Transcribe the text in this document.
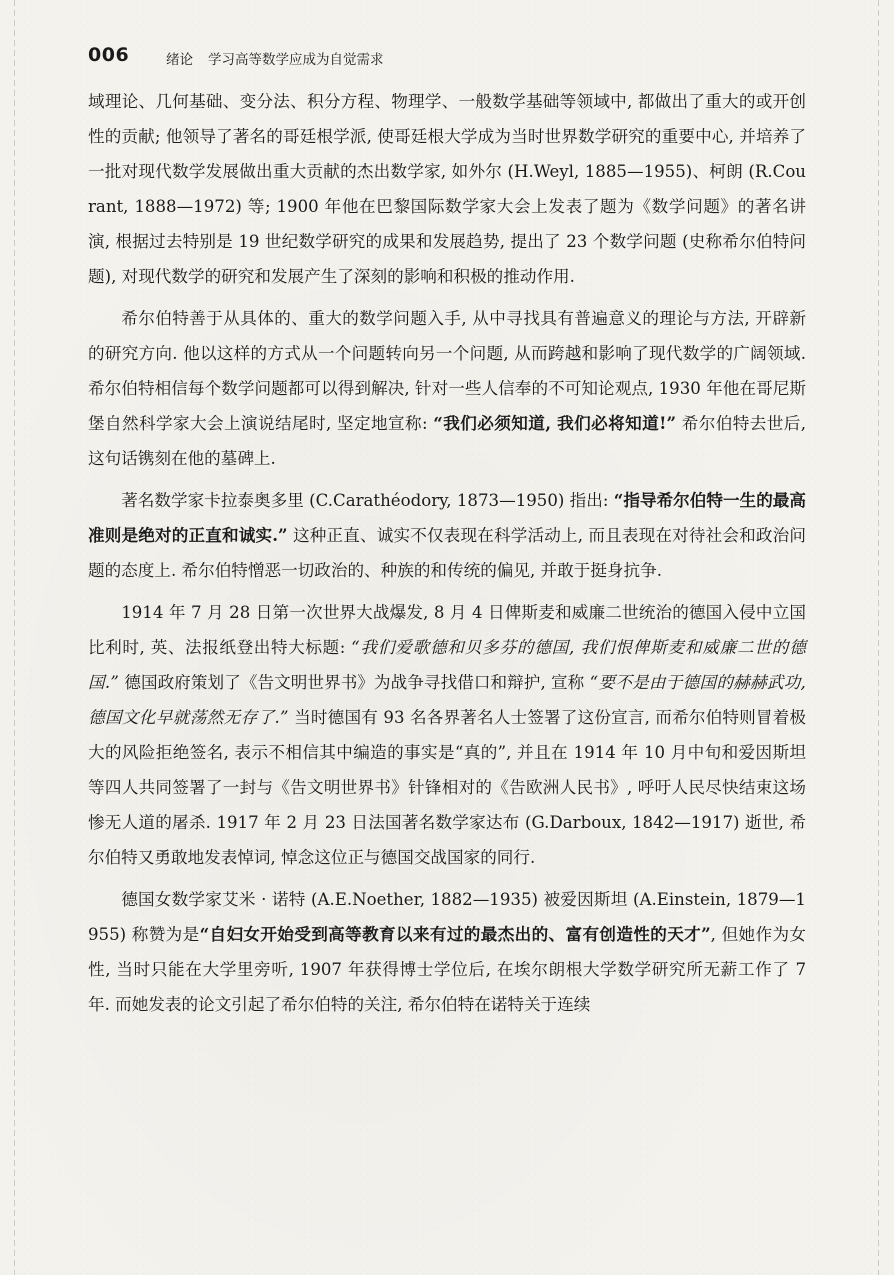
006	绪论 学习高等数学应成为自觉需求

域理论、几何基础、变分法、积分方程、物理学、一般数学基础等领域中, 都做出了重大的或开创性的贡献; 他领导了著名的哥廷根学派, 使哥廷根大学成为当时世界数学研究的重要中心, 并培养了一批对现代数学发展做出重大贡献的杰出数学家, 如外尔 (H.Weyl, 1885—1955)、柯朗 (R.Courant, 1888—1972) 等; 1900 年他在巴黎国际数学家大会上发表了题为《数学问题》的著名讲演, 根据过去特别是 19 世纪数学研究的成果和发展趋势, 提出了 23 个数学问题 (史称希尔伯特问题), 对现代数学的研究和发展产生了深刻的影响和积极的推动作用.

希尔伯特善于从具体的、重大的数学问题入手, 从中寻找具有普遍意义的理论与方法, 开辟新的研究方向. 他以这样的方式从一个问题转向另一个问题, 从而跨越和影响了现代数学的广阔领域. 希尔伯特相信每个数学问题都可以得到解决, 针对一些人信奉的不可知论观点, 1930 年他在哥尼斯堡自然科学家大会上演说结尾时, 坚定地宣称: “我们必须知道, 我们必将知道!” 希尔伯特去世后, 这句话镌刻在他的墓碑上.

著名数学家卡拉泰奥多里 (C.Carathéodory, 1873—1950) 指出: “指导希尔伯特一生的最高准则是绝对的正直和诚实.” 这种正直、诚实不仅表现在科学活动上, 而且表现在对待社会和政治问题的态度上. 希尔伯特憎恶一切政治的、种族的和传统的偏见, 并敢于挺身抗争.

1914 年 7 月 28 日第一次世界大战爆发, 8 月 4 日俾斯麦和威廉二世统治的德国入侵中立国比利时, 英、法报纸登出特大标题: “我们爱歌德和贝多芬的德国, 我们恨俾斯麦和威廉二世的德国.” 德国政府策划了《告文明世界书》为战争寻找借口和辩护, 宣称 “要不是由于德国的赫赫武功, 德国文化早就荡然无存了.” 当时德国有 93 名各界著名人士签署了这份宣言, 而希尔伯特则冒着极大的风险拒绝签名, 表示不相信其中编造的事实是“真的”, 并且在 1914 年 10 月中旬和爱因斯坦等四人共同签署了一封与《告文明世界书》针锋相对的《告欧洲人民书》, 呼吁人民尽快结束这场惨无人道的屠杀. 1917 年 2 月 23 日法国著名数学家达布 (G.Darboux, 1842—1917) 逝世, 希尔伯特又勇敢地发表悼词, 悼念这位正与德国交战国家的同行.

德国女数学家艾米 · 诺特 (A.E.Noether, 1882—1935) 被爱因斯坦 (A.Einstein, 1879—1955) 称赞为是“自妇女开始受到高等教育以来有过的最杰出的、富有创造性的天才”, 但她作为女性, 当时只能在大学里旁听, 1907 年获得博士学位后, 在埃尔朗根大学数学研究所无薪工作了 7 年. 而她发表的论文引起了希尔伯特的关注, 希尔伯特在诺特关于连续
